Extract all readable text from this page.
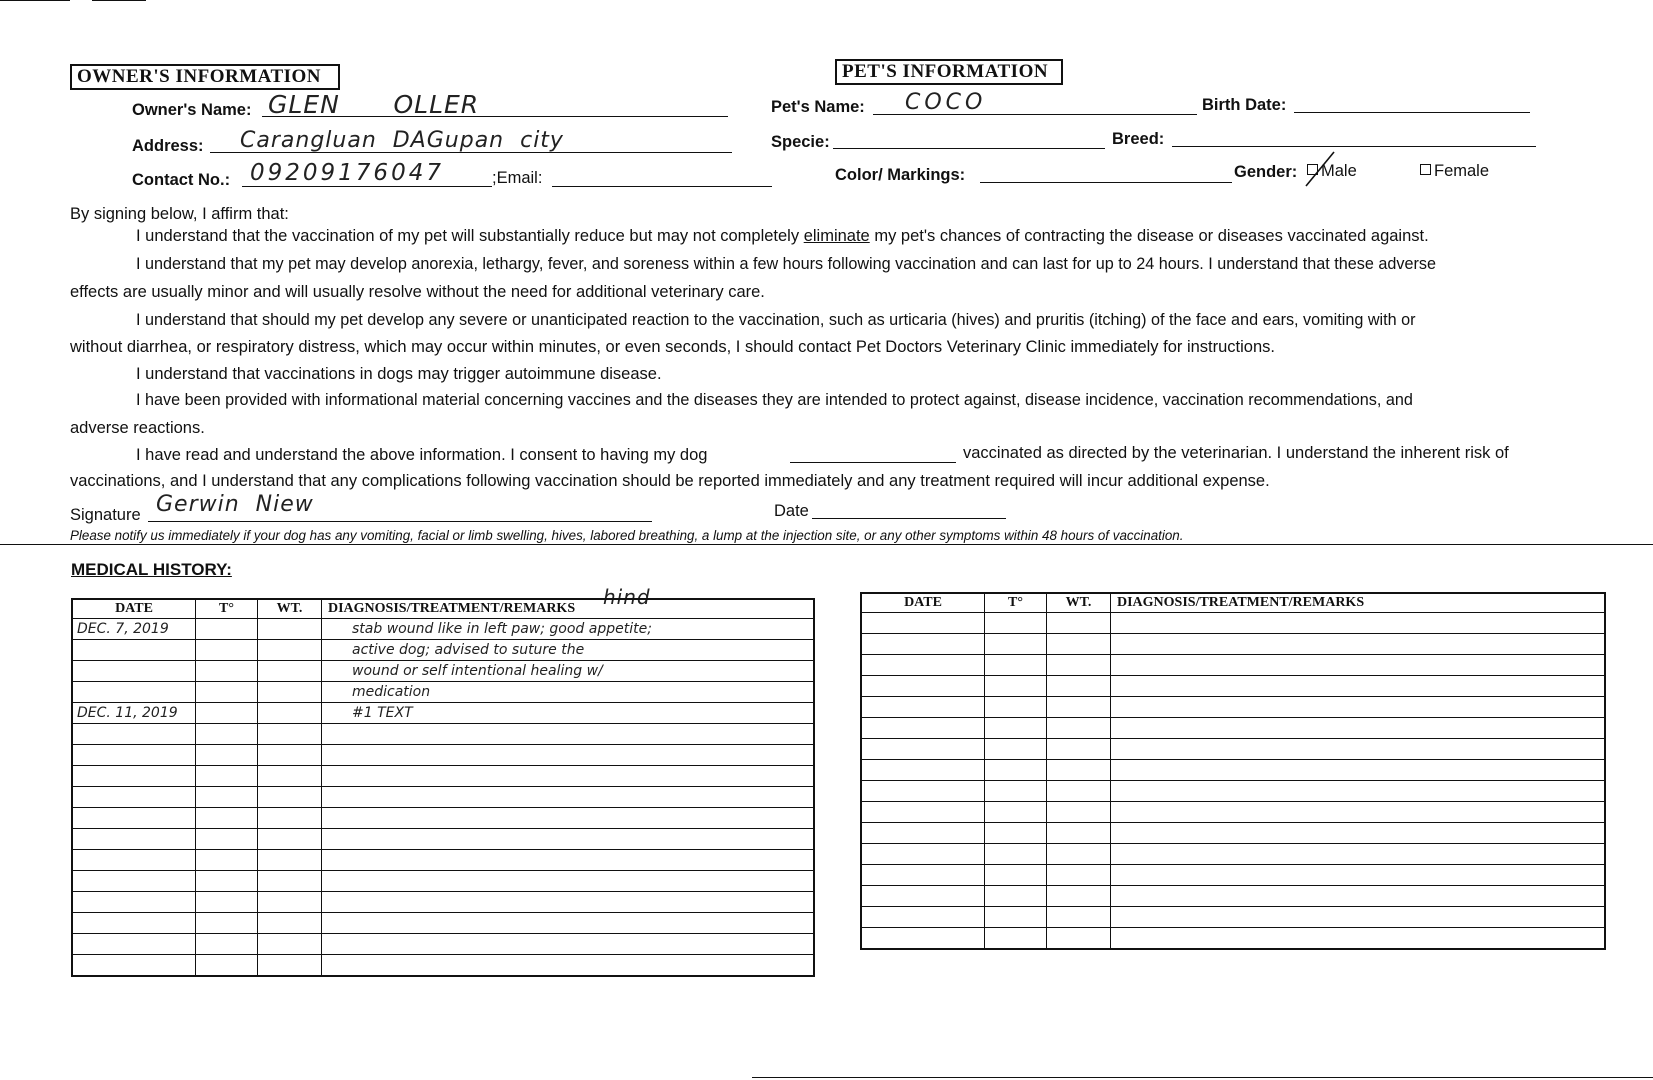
OWNER'S INFORMATION
Owner's Name: GLEN      OLLER
Address: Carangluan  DAGupan  city
Contact No.: 09209176047	;Email:
PET'S INFORMATION
Pet's Name: COCO	Birth Date:
Specie:	Breed:
Color/ Markings:	Gender:	Male	Female
By signing below, I affirm that:
I understand that the vaccination of my pet will substantially reduce but may not completely eliminate my pet's chances of contracting the disease or diseases vaccinated against.
I understand that my pet may develop anorexia, lethargy, fever, and soreness within a few hours following vaccination and can last for up to 24 hours. I understand that these adverse
effects are usually minor and will usually resolve without the need for additional veterinary care.
I understand that should my pet develop any severe or unanticipated reaction to the vaccination, such as urticaria (hives) and pruritis (itching) of the face and ears, vomiting with or
without diarrhea, or respiratory distress, which may occur within minutes, or even seconds, I should contact Pet Doctors Veterinary Clinic immediately for instructions.
I understand that vaccinations in dogs may trigger autoimmune disease.
I have been provided with informational material concerning vaccines and the diseases they are intended to protect against, disease incidence, vaccination recommendations, and
adverse reactions.
I have read and understand the above information. I consent to having my dog	vaccinated as directed by the veterinarian. I understand the inherent risk of
vaccinations, and I understand that any complications following vaccination should be reported immediately and any treatment required will incur additional expense.
Signature Gerwin  Niew	Date
Please notify us immediately if your dog has any vomiting, facial or limb swelling, hives, labored breathing, a lump at the injection site, or any other symptoms within 48 hours of vaccination.
MEDICAL HISTORY:
hind
DATE	T°	WT.	DIAGNOSIS/TREATMENT/REMARKS
DEC. 7, 2019			stab wound like in left paw; good appetite;
			active dog; advised to suture the
			wound or self intentional healing w/
			medication
DEC. 11, 2019			#1 TEXT

DATE	T°	WT.	DIAGNOSIS/TREATMENT/REMARKS
